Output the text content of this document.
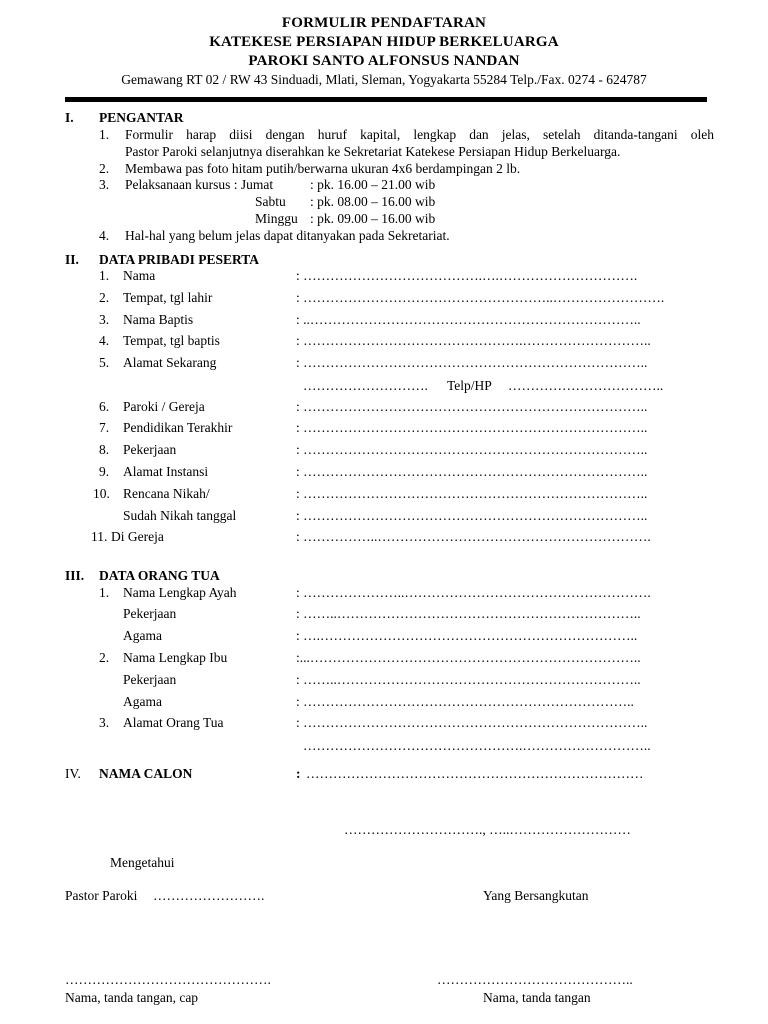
FORMULIR PENDAFTARAN
KATEKESE PERSIAPAN HIDUP BERKELUARGA
PAROKI SANTO ALFONSUS NANDAN
Gemawang RT 02 / RW 43 Sinduadi, Mlati, Sleman, Yogyakarta 55284 Telp./Fax. 0274 - 624787
I. PENGANTAR
1. Formulir harap diisi dengan huruf kapital, lengkap dan jelas, setelah ditanda-tangani oleh
Pastor Paroki selanjutnya diserahkan ke Sekretariat Katekese Persiapan Hidup Berkeluarga.
2. Membawa pas foto hitam putih/berwarna ukuran 4x6 berdampingan 2 lb.
3. Pelaksanaan kursus : Jumat	: pk. 16.00 – 21.00 wib
Sabtu : pk. 08.00 – 16.00 wib
Minggu : pk. 09.00 – 16.00 wib
4. Hal-hal yang belum jelas dapat ditanyakan pada Sekretariat.
II. DATA PRIBADI PESERTA
1. Nama	: ………………………………….….………………………….
2. Tempat, tgl lahir	: ………………………………………………..…………………….
3. Nama Baptis	: ..………………………………………………………………..
4. Tempat, tgl baptis	: ………………………………………….………………………..
5. Alamat Sekarang	: …………………………………………………………………..
………………………. Telp/HP ……………………………..
6. Paroki / Gereja	: …………………………………………………………………..
7. Pendidikan Terakhir	: …………………………………………………………………..
8. Pekerjaan	: …………………………………………………………………..
9. Alamat Instansi	: …………………………………………………………………..
10. Rencana Nikah/	: …………………………………………………………………..
Sudah Nikah tanggal	: …………………………………………………………………..
11. Di Gereja	: ……………..…………………………………………………….
III. DATA ORANG TUA
1. Nama Lengkap Ayah	: …………………..……………………………………………….
Pekerjaan	: ……..…………………………………………………………..
Agama	: ….……………………………………………………………..
2. Nama Lengkap Ibu	:...………………………………………………………………..
Pekerjaan	: ……..…………………………………………………………..
Agama	: ………………………………………………………………..
3. Alamat Orang Tua	: …………………………………………………………………..
………………………………………….………………………..
IV. NAMA CALON	: …………………………………………………………………
…………………………., …..………………………
Mengetahui
Pastor Paroki …………………….	Yang Bersangkutan
……………………………………….	……………………………………..
Nama, tanda tangan, cap	Nama, tanda tangan
